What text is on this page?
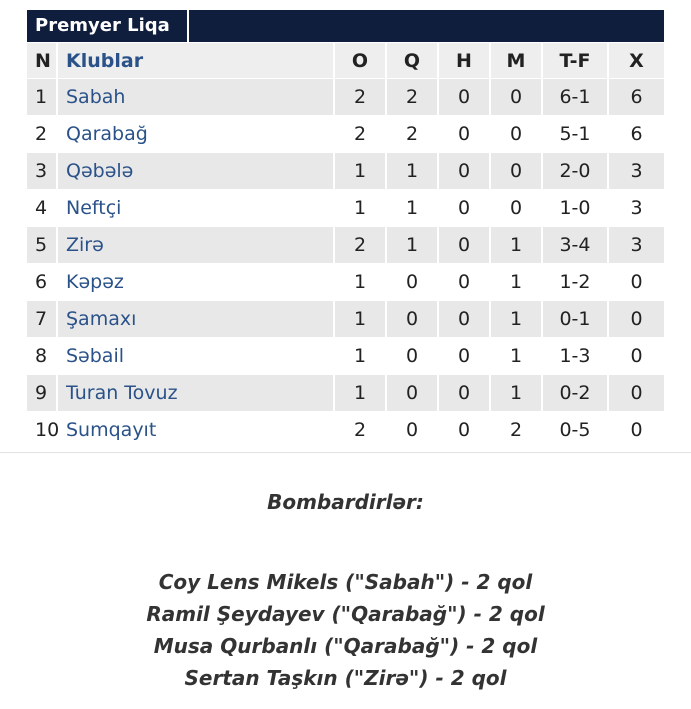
Premyer Liqa
N	Klublar	O	Q	H	M	T-F	X
1	Sabah	2	2	0	0	6-1	6
2	Qarabağ	2	2	0	0	5-1	6
3	Qəbələ	1	1	0	0	2-0	3
4	Neftçi	1	1	0	0	1-0	3
5	Zirə	2	1	0	1	3-4	3
6	Kəpəz	1	0	0	1	1-2	0
7	Şamaxı	1	0	0	1	0-1	0
8	Səbail	1	0	0	1	1-3	0
9	Turan Tovuz	1	0	0	1	0-2	0
10	Sumqayıt	2	0	0	2	0-5	0
Bombardirlər:
Coy Lens Mikels ("Sabah") - 2 qol
Ramil Şeydayev ("Qarabağ") - 2 qol
Musa Qurbanlı ("Qarabağ") - 2 qol
Sertan Taşkın ("Zirə") - 2 qol
